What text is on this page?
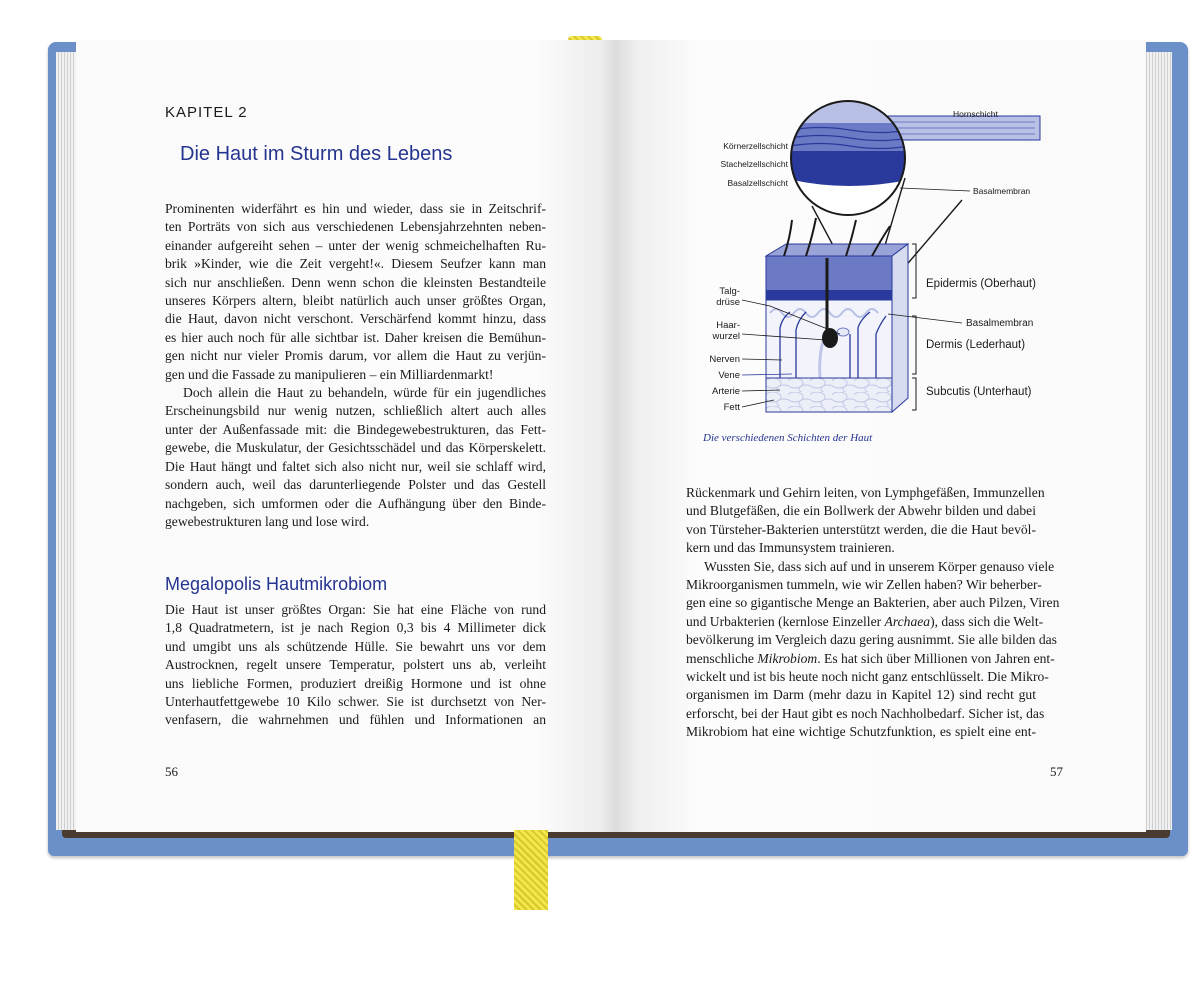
KAPITEL 2
Die Haut im Sturm des Lebens

Prominenten widerfährt es hin und wieder, dass sie in Zeitschrif-
ten Porträts von sich aus verschiedenen Lebensjahrzehnten neben-
einander aufgereiht sehen – unter der wenig schmeichelhaften Ru-
brik »Kinder, wie die Zeit vergeht!«. Diesem Seufzer kann man
sich nur anschließen. Denn wenn schon die kleinsten Bestandteile
unseres Körpers altern, bleibt natürlich auch unser größtes Organ,
die Haut, davon nicht verschont. Verschärfend kommt hinzu, dass
es hier auch noch für alle sichtbar ist. Daher kreisen die Bemühun-
gen nicht nur vieler Promis darum, vor allem die Haut zu verjün-
gen und die Fassade zu manipulieren – ein Milliardenmarkt!
Doch allein die Haut zu behandeln, würde für ein jugendliches
Erscheinungsbild nur wenig nutzen, schließlich altert auch alles
unter der Außenfassade mit: die Bindegewebestrukturen, das Fett-
gewebe, die Muskulatur, der Gesichtsschädel und das Körperskelett.
Die Haut hängt und faltet sich also nicht nur, weil sie schlaff wird,
sondern auch, weil das darunterliegende Polster und das Gestell
nachgeben, sich umformen oder die Aufhängung über den Binde-
gewebestrukturen lang und lose wird.

Megalopolis Hautmikrobiom

Die Haut ist unser größtes Organ: Sie hat eine Fläche von rund
1,8 Quadratmetern, ist je nach Region 0,3 bis 4 Millimeter dick
und umgibt uns als schützende Hülle. Sie bewahrt uns vor dem
Austrocknen, regelt unsere Temperatur, polstert uns ab, verleiht
uns liebliche Formen, produziert dreißig Hormone und ist ohne
Unterhautfettgewebe 10 Kilo schwer. Sie ist durchsetzt von Ner-
venfasern, die wahrnehmen und fühlen und Informationen an

56
Hornschicht
Körnerzellschicht
Stachelzellschicht
Basalzellschicht
Basalmembran
Talg-
drüse
Haar-
wurzel
Nerven
Vene
Arterie
Fett
Epidermis (Oberhaut)
Basalmembran
Dermis (Lederhaut)
Subcutis (Unterhaut)
Die verschiedenen Schichten der Haut

Rückenmark und Gehirn leiten, von Lymphgefäßen, Immunzellen
und Blutgefäßen, die ein Bollwerk der Abwehr bilden und dabei
von Türsteher-Bakterien unterstützt werden, die die Haut bevöl-
kern und das Immunsystem trainieren.
Wussten Sie, dass sich auf und in unserem Körper genauso viele
Mikroorganismen tummeln, wie wir Zellen haben? Wir beherber-
gen eine so gigantische Menge an Bakterien, aber auch Pilzen, Viren
und Urbakterien (kernlose Einzeller Archaea), dass sich die Welt-
bevölkerung im Vergleich dazu gering ausnimmt. Sie alle bilden das
menschliche Mikrobiom. Es hat sich über Millionen von Jahren ent-
wickelt und ist bis heute noch nicht ganz entschlüsselt. Die Mikro-
organismen im Darm (mehr dazu in Kapitel 12) sind recht gut
erforscht, bei der Haut gibt es noch Nachholbedarf. Sicher ist, das
Mikrobiom hat eine wichtige Schutzfunktion, es spielt eine ent-

57
